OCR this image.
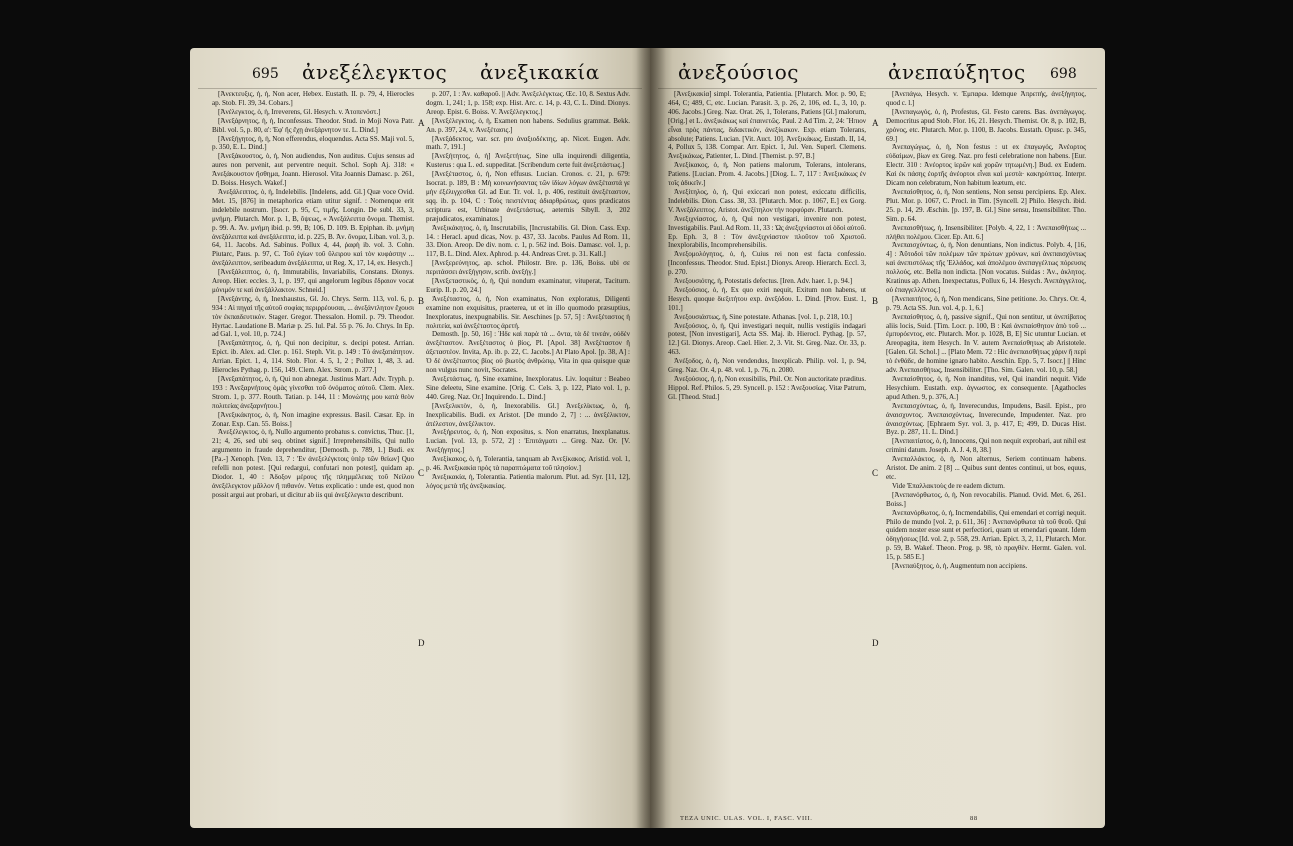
695 ἀνεξέλεγκτος ἀνεξικακία

[Ἀνεκτευξις, ἡ, ἡ, Non acer, Hebex. Eustath. II. p. 79, 4, Hierocles ap. Stob. Fl. 39, 34. Cobars.]

[Ἀνέλεγκτος, ὁ, ἡ, Irreverens, Gl. Hesych. v. Ἀτοπενόστ.]

[Ἀνεξάρνητος, ἡ, ἡ, Inconfessus. Theodor. Stud. in Moji Nova Patr. Bibl. vol. 5, p. 80, α': Ἐφ' ἣς ἔχῃ ἀνεξάρνητον τε. L. Dind.]

[Ἀνεξήγητος, ἡ, ἡ, Non efferendus, eloquendus. Acta SS. Maji vol. 5, p. 350, E. L. Dind.]

[Ἀνεξάκουστος, ὁ, ἡ, Non audiendus, Non auditus. Cujus sensus ad aures non pervenit, aut perventre nequit. Schol. Soph Aj. 318: « Ἀνεξάκουστον ἤσθημα, Joann. Hierosol. Vita Joannis Damasc. p. 261, D. Boiss. Hesych. Wakef.]

Ἀνεξάλειπτος, ὁ, ἡ, Indelebilis. [Indelens, add. Gl.] Quæ voce Ovid. Met. 15, [876] in metaphorica etiam utitur signif. : Nomenque erit indelebile nostrum. [Isocr. p. 95, C, τιμῆς. Longin. De subl. 33, 3, μνήμη. Plutarch. Mor. p. 1, B, ὄψεως, « Ἀνεξάλειπτα ὄνομα. Themist. p. 99. A. Ἀν. μνήμη ibid. p. 99, B; 106, D. 109. B. Epiphan. ib. μνήμη ἀνεξάλειπτα καὶ ἀνεξάλειπτα, id. p. 225, B. Ἀν. ὄνομα, Liban. vol. 3, p. 64, 11. Jacobs. Ad. Sabinus. Pollux 4, 44, ῥαφὴ ib. vol. 3. Cohn. Piutarc, Paus. p. 97, C. Τοῦ ἐγίων τοῦ ὕλειρου καὶ τὸν κυφάστην ... ἀνεξάλειπτον, seribeadum ἀνεξάλειπτα, ut Reg. X, 17, 14, ex. Hesych.]

[Ἀνεξάλειπτος, ὁ, ἡ, Immutabilis, Invariabilis, Constans. Dionys. Areop. Hier. eccles. 3, 1, p. 197, qui angelorum legibus ἔδραιον vocat μόνιμόν τε καὶ ἀνεξάλλακτον. Schneid.]

[Ἀνεξάντης, ὁ, ἡ, Inexhaustus, Gl. Jo. Chrys. Serm. 113, vol. 6, p. 934 : Αἱ πηγαὶ τῆς αὐτοῦ σοφίας περιρρέουσαι, ... ἀνεξάντλητον ἔχουσι τὸν ἐκπαιδευτικόν. Stager. Gregor. Thessalon. Homil. p. 79. Theodor. Hyrtac. Laudatione B. Mariæ p. 25. Iul. Pal. 55 p. 76. Jo. Chrys. In Ep. ad Gal. 1, vol. 10, p. 724.]

[Ἀνεξαπάτητος, ὁ, ἡ, Qui non decipitur, s. decipi potest. Arrian. Epict. ib. Alex. ad. Cler. p. 161. Steph. Vit. p. 149 : Τὸ ἀνεξαπάτητον. Arrian. Epict. 1, 4, 114. Stob. Flor. 4. 5, 1, 2 ; Pollux 1, 48, 3. ad. Hierocles Pythag. p. 156, 149. Clem. Alex. Strom. p. 377.]

[Ἀνεξαπάτητος, ὁ, ἡ, Qui non abnegat. Justinus Mart. Adv. Tryph. p. 193 : Ἀνεξαρνήτους ὁμὰς γίνεσθαι τοῦ ὀνόματος αὐτοῦ. Clem. Alex. Strom. 1, p. 377. Routh. Tatian. p. 144, 11 : Μονώτης μου κατὰ θεὸν πολιτείας ἀνεξαρνήτου.]

[Ἀνεξικάκητος, ὁ, ἡ, Non imagine expressus. Basil. Cæsar. Ep. in Zonar. Exp. Can. 55. Boiss.]

Ἀνεξέλεγκτος, ὁ, ἡ, Nullo argumento probatus s. convictus, Thuc. [1, 21; 4, 26, sed ubi seq. obtinet signif.] Irreprehensibilis, Qui nullo argumento in fraude deprehenditur, [Demosth. p. 789, 1.] Budi. ex [Pa.-] Xenoph. [Ven. 13, 7 : Ἐν ἀνεξελέγκτοις ὑπὲρ τῶν θείων] Quo refelli non potest. [Qui redargui, confutari non potest], quidam ap. Diodor. 1, 40 : Ἀδοξον μέρους τῆς πλημμέλειας τοῦ Νείλου ἀνεξέλεγκτον μᾶλλον ἢ πιθανόν. Vetus explicatio : unde est, quod non possit argui aut probari, ut dicitur ab iis qui ἀνεξέλεγκτα describunt.

p. 207, 1 : Ἀν. καθαροῦ. || Adv. Ἀνεξελέγκτως. Œc. 10, 8. Sextus Adv. dogm. 1, 241; 1, p. 158; exp. Hist. Arc. c. 14, p. 43, C. L. Dind. Dionys. Areop. Epist. 6. Boiss. V. Ἀνεξέλεγκτος.]

[Ἀνεξέλεγκτος, ὁ, ἡ, Examen non habens. Sedulius grammat. Bekk. An. p. 397, 24, v. Ἀνεξέτασις.]

[Ἀνεξάδεκτος, var. scr. pro ἀναξιοδέκτης, ap. Nicet. Eugen. Adv. math. 7, 191.]

[Ἀνεξήτητος, ὁ, ἡ] Ἀνεξετήτως, Sine ulla inquirendi diligentia, Kusterus : qua L. ed. suppeditat. [Scribendum certe fuit ἀνεξετάστως.]

[Ἀνεξέταστος, ὁ, ἡ, Non effusus. Lucian. Cronos. c. 21, p. 679: Isocrat. p. 189, B : Μὴ κοινωνήσαντας τῶν ἰδίων λόγων ἀνεξέταστά γε μὴν ἐξέλιγχεσθαι Gl. ad Eur. Tr. vol. 1, p. 406, restituit ἀνεξέταστον, sqq. ib. p. 104, C : Τοὺς πειστέντας ἀδιαρθρώτως, quos prædicatos scriptura est, Urbinate ἀνεξετάστως, aeternis Sibyll. 3, 202 præjudicatos, examinatos.]

Ἀνεξικάκητος, ὁ, ἡ, Inscrutabilis, [Incrustabilis. Gl. Dion. Cass. Exp. 14. : Heracl. apud dicas, Nov. p. 437, 33. Jacobs. Paulus Ad Rom. 11, 33. Dion. Areop. De div. nom. c. 1, p. 562 ind. Bois. Damasc. vol. 1, p. 117, B. L. Dind. Alex. Aphrod. p. 44. Andreas Cret. p. 31. Kall.]

[Ἀνεξερεύνητος, ap. schol. Philostr. Bre. p. 136, Boiss. ubi σε περιτάσσει ἀνεξήγησιν, scrib. ἀνεξήγ.]

[Ἀνεξεταστικὸς, ὁ, ἡ, Qui nondum examinatur, vituperat, Taciturn. Eurip. Il. p. 20, 24.]

Ἀνεξέταστος, ὁ, ἡ, Non examinatus, Non exploratus, Diligenti examine non exquisitus, praeterea, ut et in illo quomodo præsuptius, Inexploratus, inexpugnabilis. Sir. Aeschines [p. 57, 5] : Ἀνεξέταστος ἡ πολιτεία, καὶ ἀνεξέταστος ἀρετή.

Demosth. [p. 50, 16] : Ἡδε καὶ παρὰ τὰ ... ὄντα, τὰ δὲ τινεάν, οὐδὲν ἀνεξέταστον. Ἀνεξέταστος ὁ βίος, Pl. [Apol. 38] Ἀνεξέταστον ἢ ἀξεταστέον. Invita, Ap. ib. p. 22, C. Jacobs.] At Plato Apol. [p. 38, A] : Ὁ δὲ ἀνεξέταστος βίος οὐ βιωτὸς ἀνθρώπῳ, Vita in qua quisque quæ non vulgus nunc novit, Socrates.

Ἀνεξετάστως, ἡ, Sine examine, Inexploratus. Liv. loquitur : Beabeo Sine deleetu, Sine examine. [Orig. C. Cels. 3, p. 122, Plato vol. 1, p. 440. Greg. Naz. Or.] Inquirendo. L. Dind.]

[Ἀνεξελικτὸν, ὁ, ἡ, Inexorabilis. Gl.] Ἀνεξελίκτως, ὁ, ἡ, Inexplicabilis. Budi. ex Aristot. [De mundo 2, 7] : ... ἀνεξέλικτον, ἀτέλεστον, ἀνεξέλικτον.

Ἀνεξήρευτος, ὁ, ἡ, Non expositus, s. Non enarratus, Inexplanatus. Lucian. [vol. 13, p. 572, 2] : Ἐπιτάγματι ... Greg. Naz. Or. [V. Ἀνεξήγητος.]

Ἀνεξίκακος, ὁ, ἡ, Tolerantia, tanquam ab Ἀνεξίκακος. Aristid. vol. 1, p. 46. Ἀνεξικακία πρὸς τὰ παραπτώματα τοῦ πλησίον.]

Ἀνεξικακία, ἡ, Tolerantia. Patientia malorum. Plut. ad. Syr. [11, 12], λόγος μετὰ τῆς ἀνεξικακίας.

A
B
C
D
ἀνεξούσιος	ἀνεπαύξητος 698

[Ἀνεξικακία] simpl. Tolerantia, Patientia. [Plutarch. Mor. p. 90, E; 464, C; 489, C, etc. Lucian. Parasit. 3, p. 26, 2, 106, ed. L, 3, 10, p. 406. Jacobs.] Greg. Naz. Orat. 26, 1, Tolerans, Patiens [Gl.] malorum, [Orig.] et L. ἀνεξικάκως καὶ ἐπαινετῶς. Paul. 2 Ad Tim. 2, 24: Ἤπιον εἶναι πρὸς πάντας, διδακτικόν, ἀνεξίκακον. Exp. etiam Tolerans, absolute; Patiens. Lucian. [Vit. Auct. 10]. Ἀνεξικάκως, Eustath. II, 14, 4, Pollux 5, 138. Compar. Arr. Epict. 1, Jul. Ven. Superl. Clemens. Ἀνεξικάκως, Patienter, L. Dind. [Themist. p. 97, B.]

Ἀνεξίκακος, ὁ, ἡ, Non patiens malorum, Tolerans, intolerans, Patiens. [Lucian. Prom. 4. Jacobs.] [Diog. L. 7, 117 : Ἀνεξικάκως ἐν τοῖς ἀδικεῖν.]

Ἀνεξίτηλος, ὁ, ἡ, Qui exiccari non potest, exiccatu difficilis, Indelebilis. Dion. Cass. 38, 33. [Plutarch. Mor. p. 1067, E.] ex Gorg. V. Ἀνεξάλειπτος. Aristot. ἀνεξίτηλον τὴν πορφύραν. Plutarch.

Ἀνεξιχνίαστος, ὁ, ἡ, Qui non vestigari, invenire non potest, Investigabilis. Paul. Ad Rom. 11, 33 : Ὡς ἀνεξιχνίαστοι αἱ ὁδοὶ αὐτοῦ. Ep. Eph. 3, 8 : Τὸν ἀνεξιχνίαστον πλοῦτον τοῦ Χριστοῦ. Inexplorabilis, Incomprehensibilis.

Ἀνεξομολόγητος, ὁ, ἡ, Cuius rei non est facta confessio. [Inconfessus. Theodor. Stud. Epist.] Dionys. Areop. Hierarch. Eccl. 3, p. 270.

Ἀνεξουσιότης, ἡ, Potestatis defectus. [Iren. Adv. haer. 1, p. 94.]

Ἀνεξούσιος, ὁ, ἡ, Ex quo exiri nequit, Exitum non habens, ut Hesych. quoque διεξιτήτου exp. ἀνεξόδου. L. Dind. [Prov. Eust. 1, 101.]

Ἀνεξουσιάστως, ἡ, Sine potestate. Athanas. [vol. 1, p. 218, 10.]

Ἀνεξούσιος, ὁ, ἡ, Qui investigari nequit, nullis vestigiis indagari potest, [Non investigari], Acta SS. Maj. ib. Hierocl. Pythag. [p. 57, 12.] Gl. Dionys. Areop. Cael. Hier. 2, 3. Vit. St. Greg. Naz. Or. 33, p. 463.

Ἀνέξοδος, ὁ, ἡ, Non vendendus, Inexplicab. Philip. vol. 1, p. 94, Greg. Naz. Or. 4, p. 48. vol. 1, p. 76, n. 2080.

Ἀνεξούσιος, ἡ, ἡ, Non exusibilis, Phil. Or. Non auctoritate præditus. Hippol. Ref. Philos. 5, 29. Syncell. p. 152 : Ἀνεξουσίως. Vitæ Patrum, Gl. [Theod. Stud.]

[Ἀνεπάγω, Hesych. v. Ἐμπαρω. Idemque Ἀπρεπής, ἀνεξήγητος, quod c. l.]

[Ἀνεπαγωγός, ὁ, ἡ, Profestus, Gl. Festo carens. Bas. ἀνεπάγωγος. Democritus apud Stob. Flor. 16, 21. Hesych. Themist. Or. 8, p. 102, B, χρόνος, etc. Plutarch. Mor. p. 1100, B. Jacobs. Eustath. Opusc. p. 345, 69.]

Ἀνεπαγώγως, ὁ, ἡ, Non festus : ut ex ἐπαγωγός, Ἀνέορτος εὐδαίμων, βίων ex Greg. Naz. pro festi celebratione non habens. [Eur. Electr. 310 : Ἀνέορτος ἱερῶν καὶ χορῶν τητωμένη.] Bud. ex Eudem. Καὶ ἐκ πάσης ἑορτῆς ἀνέορτοι εἶναι καὶ μεστὰ· κακηρύπτας. Interpr. Dicam non celebratum, Non habitum leætum, etc.

Ἀνεπαίσθητος, ὁ, ἡ, Non sentiens, Non sensu percipiens. Ep. Alex. Plut. Mor. p. 1067, C. Procl. in Tim. [Syncell. 2] Philo. Hesych. ibid. 25. p. 14, 29. Æschin. [p. 197, B. Gl.] Sine sensu, Insensibiliter. Tho. Sim. p. 64.

Ἀνεπαισθήτως, ἡ, Insensibiliter. [Polyb. 4, 22, 1 : Ἀνεπαισθήτως ... πλήθει πολέμου. Cicer. Ep. Att. 6.]

Ἀνεπαισχύντως, ὁ, ἡ, Non denuntians, Non indictus. Polyb. 4, [16, 4] : Ἀῦτοδοὶ τῶν πολέμων τῶν πρώτων χρόνων, καὶ ἀνεπαισχύντως καὶ ἀνεπιστόλως τῆς Ἑλλάδος, καὶ ἀπολέμου ἀνεπαγγέλτως πόρευσις πολλούς, etc. Bella non indicta. [Non vocatus. Suidas : Ἀν., ἀκλητος. Kratinus ap. Athen. Inexpectatus, Pollux 6, 14. Hesych. Ἀνεπάγγελτος, οὐ ἐπαγγελλέντος.]

[Ἀνεπαιτήτος, ὁ, ἡ, Non mendicans, Sine petitione. Jo. Chrys. Or. 4, p. 79. Acta SS. Jun. vol. 4, p. 1, 6.]

Ἀνεπαίσθητος, ὁ, ἡ, passive signif., Qui non sentitur, ut ἀνεπίβατος aliis locis, Suid. [Tim. Locr. p. 100, B : Καὶ ἀνεπαίσθητον ἀπὸ τοῦ ... ἐμπυρόεντος, etc. Plutarch. Mor. p. 1028, B, E] Sic utuntur Lucian. et Areopagita, item Hesych. In V. autem Ἀνεπαίσθητως ab Aristotele. [Galen. Gl. Schol.] ... [Plato Mem. 72 : Hic ἀνεπαισθήτως χάριν ἢ περὶ τὸ ἐνθάδε, de homine ignaro habito. Aeschin. Epp. 5, 7. Isocr.] || Hinc adv. Ἀνεπαισθήτως, Insensibiliter. [Tho. Sim. Galen. vol. 10, p. 58.]

Ἀνεπαίσθητος, ὁ, ἡ, Non inanditus, vel, Qui inandiri nequit. Vide Hesychium. Eustath. exp. ἀγνωστος, ex consequente. [Agathocles apud Athen. 9, p. 376, A.]

Ἀνεπαισχύντως, ὁ, ἡ, Inverecundus, Impudens, Basil. Epist., pro ἀναισχυντος. Ἀνεπαισχύντως, Inverecunde, Impudenter. Naz. pro ἀναισχύντως. [Ephraem Syr. vol. 3, p. 417, E; 499, D. Ducas Hist. Byz. p. 287, 11. L. Dind.]

[Ἀνεπαιτίατος, ὁ, ἡ, Innocens, Qui non nequit exprobari, aut nihil est crimini datum. Joseph. A. J. 4, 8, 38.]

Ἀνεπαλλάκτος, ὁ, ἡ, Non alternus, Seriem continuam habens. Aristot. De anim. 2 [8] ... Quibus sunt dentes continui, ut bos, equus, etc.

Vide Ἐπαλλακτοὺς de re eadem dictum.

[Ἀνεπανόρθωτος, ὁ, ἡ, Non revocabilis. Planud. Ovid. Met. 6, 261. Boiss.]

Ἀνεπανόρθωτος, ὁ, ἡ, Incmendabilis, Qui emendari et corrigi nequit. Philo de mundo [vol. 2, p. 611, 36] : Ἀνεπανόρθωτα τὰ τοῦ θεοῦ. Qui quidem noster esse sunt et perfectiori, quam ut emendari queant. Idem ὁδηγήσεως [Id. vol. 2, p. 558, 29. Arrian. Epict. 3, 2, 11, Plutarch. Mor. p. 59, B. Wakef. Theon. Prog. p. 98, τὸ πραγθὲν. Hermt. Galen. vol. 15, p. 585 E.]

[Ἀνεπαύξητος, ὁ, ἡ, Augmentum non accipiens.

A
B
C
D
TEZA UNIC. ULAS. VOL. I, FASC. VIII.	88
